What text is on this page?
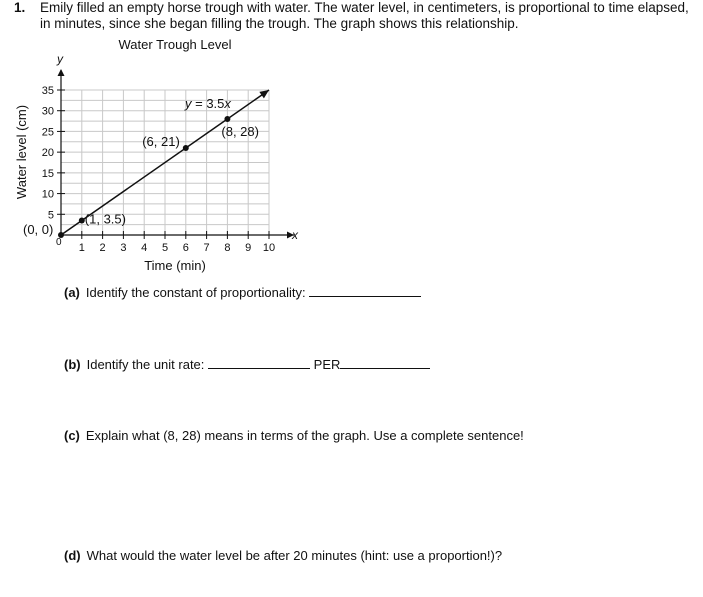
1. Emily filled an empty horse trough with water. The water level, in centimeters, is proportional to time elapsed, in minutes, since she began filling the trough. The graph shows this relationship.
1 2 3 4 5 6 7 8 9 10
5
10
15
20
25
30
35
(0, 0)
(1, 3.5)
(6, 21)
(8, 28)
Water Trough Level
Time (min)
Water level (cm)
x
y
0
y = 3.5x
(a) Identify the constant of proportionality:
(b) Identify the unit rate:	PER
(c) Explain what (8, 28) means in terms of the graph. Use a complete sentence!
(d) What would the water level be after 20 minutes (hint: use a proportion!)?
